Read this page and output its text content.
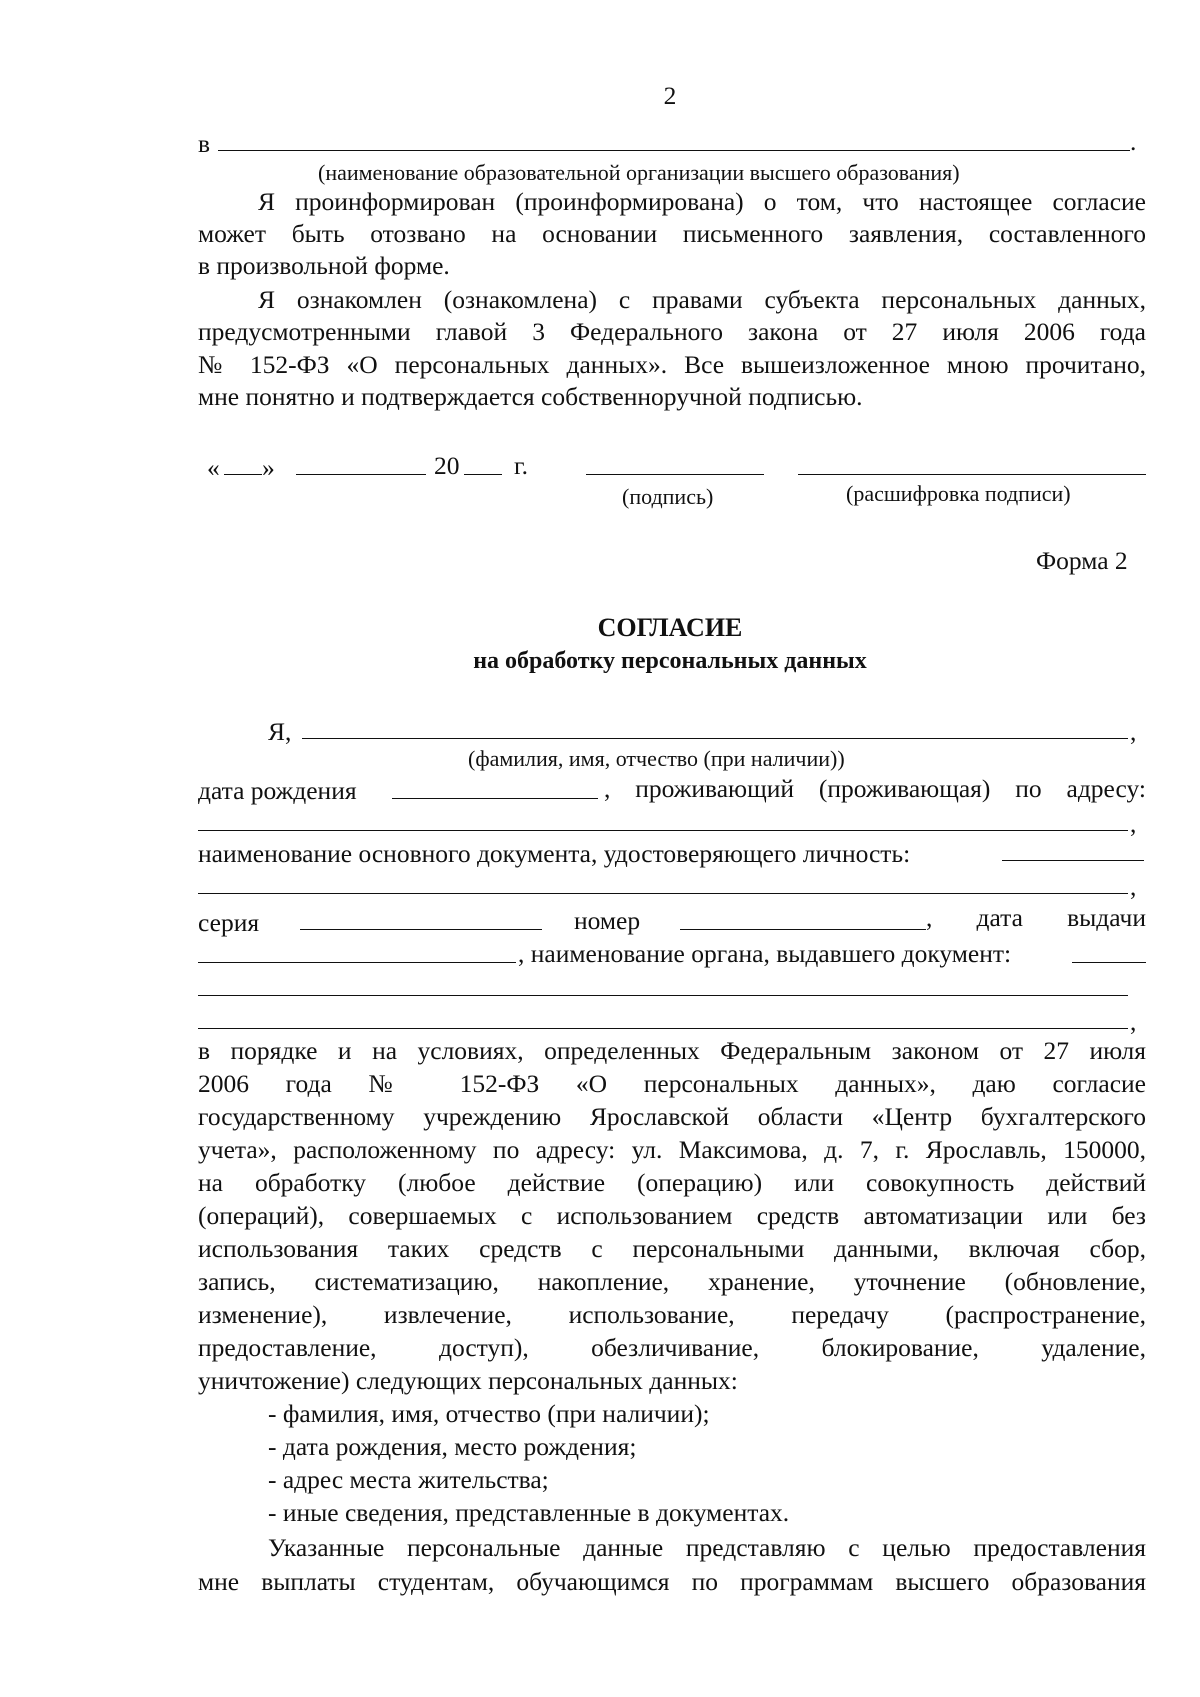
2
в	.
(наименование образовательной организации высшего образования)
Я проинформирован (проинформирована) о том, что настоящее согласие
может быть отозвано на основании письменного заявления, составленного
в произвольной форме.
Я ознакомлен (ознакомлена) с правами субъекта персональных данных,
предусмотренными главой 3 Федерального закона от 27 июля 2006 года
№ 152-ФЗ «О персональных данных». Все вышеизложенное мною прочитано,
мне понятно и подтверждается собственноручной подписью.
« »	20 г.
(подпись)	(расшифровка подписи)
Форма 2
СОГЛАСИЕ
на обработку персональных данных
Я,	,
(фамилия, имя, отчество (при наличии))
дата рождения	, проживающий (проживающая) по адресу:
,
наименование основного документа, удостоверяющего личность:
,
серия	номер	, дата выдачи
, наименование органа, выдавшего документ:
,
в порядке и на условиях, определенных Федеральным законом от 27 июля
2006 года № 152-ФЗ «О персональных данных», даю согласие
государственному учреждению Ярославской области «Центр бухгалтерского
учета», расположенному по адресу: ул. Максимова, д. 7, г. Ярославль, 150000,
на обработку (любое действие (операцию) или совокупность действий
(операций), совершаемых с использованием средств автоматизации или без
использования таких средств с персональными данными, включая сбор,
запись, систематизацию, накопление, хранение, уточнение (обновление,
изменение), извлечение, использование, передачу (распространение,
предоставление, доступ), обезличивание, блокирование, удаление,
уничтожение) следующих персональных данных:
- фамилия, имя, отчество (при наличии);
- дата рождения, место рождения;
- адрес места жительства;
- иные сведения, представленные в документах.
Указанные персональные данные представляю с целью предоставления
мне выплаты студентам, обучающимся по программам высшего образования
